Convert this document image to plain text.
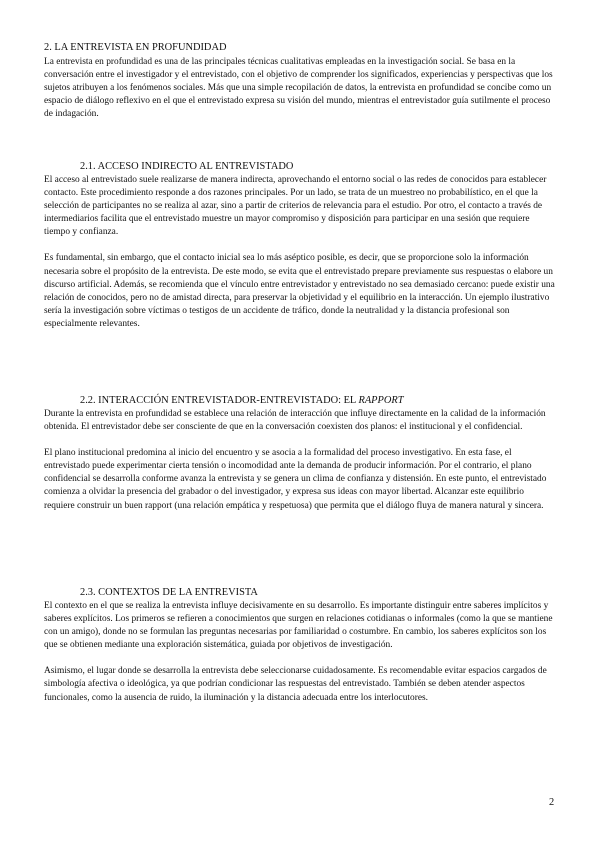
2. LA ENTREVISTA EN PROFUNDIDAD

La entrevista en profundidad es una de las principales técnicas cualitativas empleadas en la investigación social. Se basa en la conversación entre el investigador y el entrevistado, con el objetivo de comprender los significados, experiencias y perspectivas que los sujetos atribuyen a los fenómenos sociales. Más que una simple recopilación de datos, la entrevista en profundidad se concibe como un espacio de diálogo reflexivo en el que el entrevistado expresa su visión del mundo, mientras el entrevistador guía sutilmente el proceso de indagación.

2.1. ACCESO INDIRECTO AL ENTREVISTADO

El acceso al entrevistado suele realizarse de manera indirecta, aprovechando el entorno social o las redes de conocidos para establecer contacto. Este procedimiento responde a dos razones principales. Por un lado, se trata de un muestreo no probabilístico, en el que la selección de participantes no se realiza al azar, sino a partir de criterios de relevancia para el estudio. Por otro, el contacto a través de intermediarios facilita que el entrevistado muestre un mayor compromiso y disposición para participar en una sesión que requiere tiempo y confianza.

Es fundamental, sin embargo, que el contacto inicial sea lo más aséptico posible, es decir, que se proporcione solo la información necesaria sobre el propósito de la entrevista. De este modo, se evita que el entrevistado prepare previamente sus respuestas o elabore un discurso artificial. Además, se recomienda que el vínculo entre entrevistador y entrevistado no sea demasiado cercano: puede existir una relación de conocidos, pero no de amistad directa, para preservar la objetividad y el equilibrio en la interacción. Un ejemplo ilustrativo sería la investigación sobre víctimas o testigos de un accidente de tráfico, donde la neutralidad y la distancia profesional son especialmente relevantes.

2.2. INTERACCIÓN ENTREVISTADOR-ENTREVISTADO: EL RAPPORT

Durante la entrevista en profundidad se establece una relación de interacción que influye directamente en la calidad de la información obtenida. El entrevistador debe ser consciente de que en la conversación coexisten dos planos: el institucional y el confidencial.

El plano institucional predomina al inicio del encuentro y se asocia a la formalidad del proceso investigativo. En esta fase, el entrevistado puede experimentar cierta tensión o incomodidad ante la demanda de producir información. Por el contrario, el plano confidencial se desarrolla conforme avanza la entrevista y se genera un clima de confianza y distensión. En este punto, el entrevistado comienza a olvidar la presencia del grabador o del investigador, y expresa sus ideas con mayor libertad. Alcanzar este equilibrio requiere construir un buen rapport (una relación empática y respetuosa) que permita que el diálogo fluya de manera natural y sincera.

2.3. CONTEXTOS DE LA ENTREVISTA

El contexto en el que se realiza la entrevista influye decisivamente en su desarrollo. Es importante distinguir entre saberes implícitos y saberes explícitos. Los primeros se refieren a conocimientos que surgen en relaciones cotidianas o informales (como la que se mantiene con un amigo), donde no se formulan las preguntas necesarias por familiaridad o costumbre. En cambio, los saberes explícitos son los que se obtienen mediante una exploración sistemática, guiada por objetivos de investigación.

Asimismo, el lugar donde se desarrolla la entrevista debe seleccionarse cuidadosamente. Es recomendable evitar espacios cargados de simbología afectiva o ideológica, ya que podrían condicionar las respuestas del entrevistado. También se deben atender aspectos funcionales, como la ausencia de ruido, la iluminación y la distancia adecuada entre los interlocutores.

2
